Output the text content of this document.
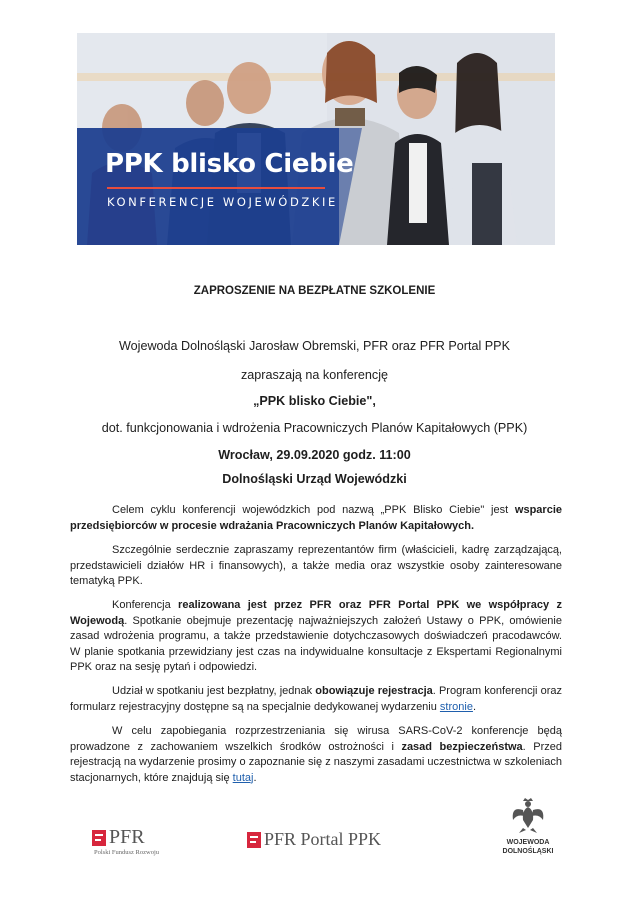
PPK blisko Ciebie
KONFERENCJE WOJEWÓDZKIE
ZAPROSZENIE NA BEZPŁATNE SZKOLENIE
Wojewoda Dolnośląski Jarosław Obremski, PFR oraz PFR Portal PPK
zapraszają na konferencję
„PPK blisko Ciebie",
dot. funkcjonowania i wdrożenia Pracowniczych Planów Kapitałowych (PPK)
Wrocław, 29.09.2020 godz. 11:00
Dolnośląski Urząd Wojewódzki
Celem cyklu konferencji wojewódzkich pod nazwą „PPK Blisko Ciebie" jest wsparcie przedsiębiorców w procesie wdrażania Pracowniczych Planów Kapitałowych.
Szczególnie serdecznie zapraszamy reprezentantów firm (właścicieli, kadrę zarządzającą, przedstawicieli działów HR i finansowych), a także media oraz wszystkie osoby zainteresowane tematyką PPK.
Konferencja realizowana jest przez PFR oraz PFR Portal PPK we współpracy z Wojewodą. Spotkanie obejmuje prezentację najważniejszych założeń Ustawy o PPK, omówienie zasad wdrożenia programu, a także przedstawienie dotychczasowych doświadczeń pracodawców. W planie spotkania przewidziany jest czas na indywidualne konsultacje z Ekspertami Regionalnymi PPK oraz na sesję pytań i odpowiedzi.
Udział w spotkaniu jest bezpłatny, jednak obowiązuje rejestracja. Program konferencji oraz formularz rejestracyjny dostępne są na specjalnie dedykowanej wydarzeniu stronie.
W celu zapobiegania rozprzestrzeniania się wirusa SARS-CoV-2 konferencje będą prowadzone z zachowaniem wszelkich środków ostrożności i zasad bezpieczeństwa. Przed rejestracją na wydarzenie prosimy o zapoznanie się z naszymi zasadami uczestnictwa w szkoleniach stacjonarnych, które znajdują się tutaj.
PFR
Polski Fundusz Rozwoju
PFR Portal PPK	WOJEWODA
DOLNOŚLĄSKI
